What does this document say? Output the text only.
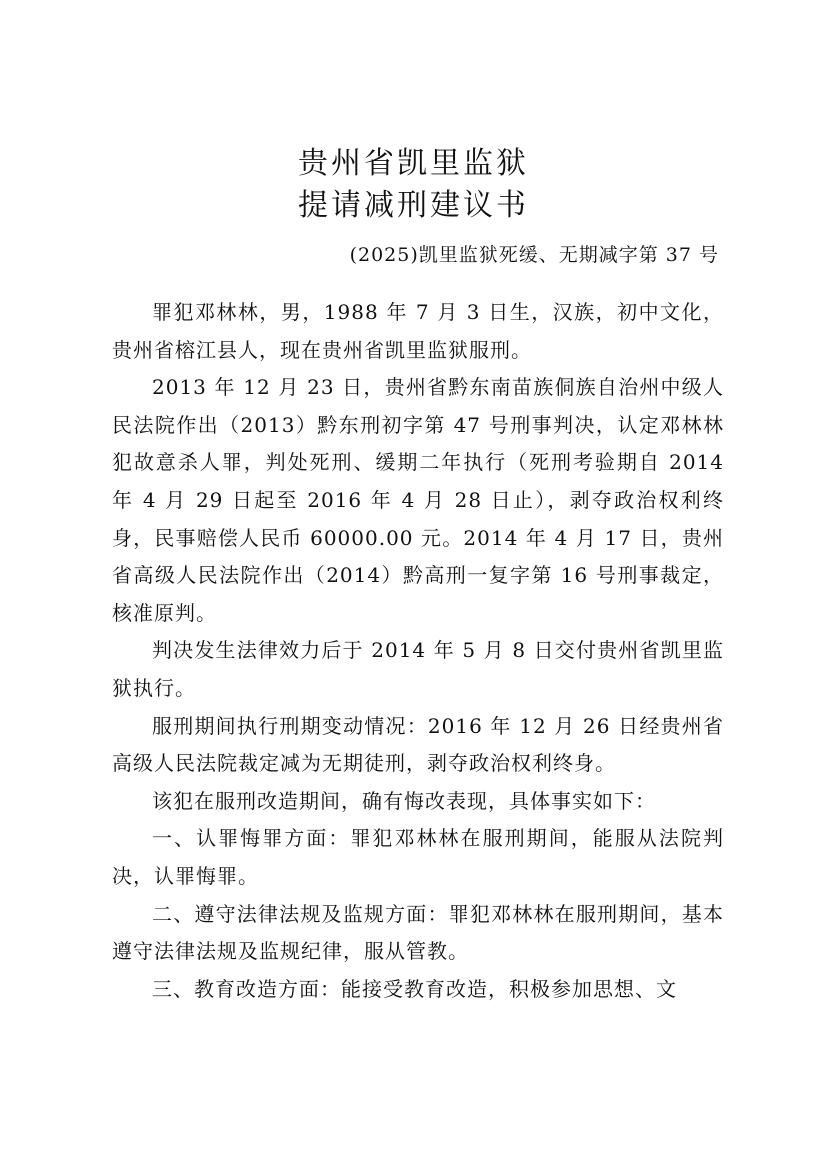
贵州省凯里监狱
提请减刑建议书
(2025)凯里监狱死缓、无期减字第 37 号

罪犯邓林林，男，1988 年 7 月 3 日生，汉族，初中文化，贵州省榕江县人，现在贵州省凯里监狱服刑。

2013 年 12 月 23 日，贵州省黔东南苗族侗族自治州中级人民法院作出（2013）黔东刑初字第 47 号刑事判决，认定邓林林犯故意杀人罪，判处死刑、缓期二年执行（死刑考验期自 2014 年 4 月 29 日起至 2016 年 4 月 28 日止），剥夺政治权利终身，民事赔偿人民币 60000.00 元。2014 年 4 月 17 日，贵州省高级人民法院作出（2014）黔高刑一复字第 16 号刑事裁定，核准原判。

判决发生法律效力后于 2014 年 5 月 8 日交付贵州省凯里监狱执行。

服刑期间执行刑期变动情况：2016 年 12 月 26 日经贵州省高级人民法院裁定减为无期徒刑，剥夺政治权利终身。

该犯在服刑改造期间，确有悔改表现，具体事实如下：

一、认罪悔罪方面：罪犯邓林林在服刑期间，能服从法院判决，认罪悔罪。

二、遵守法律法规及监规方面：罪犯邓林林在服刑期间，基本遵守法律法规及监规纪律，服从管教。

三、教育改造方面：能接受教育改造，积极参加思想、文
